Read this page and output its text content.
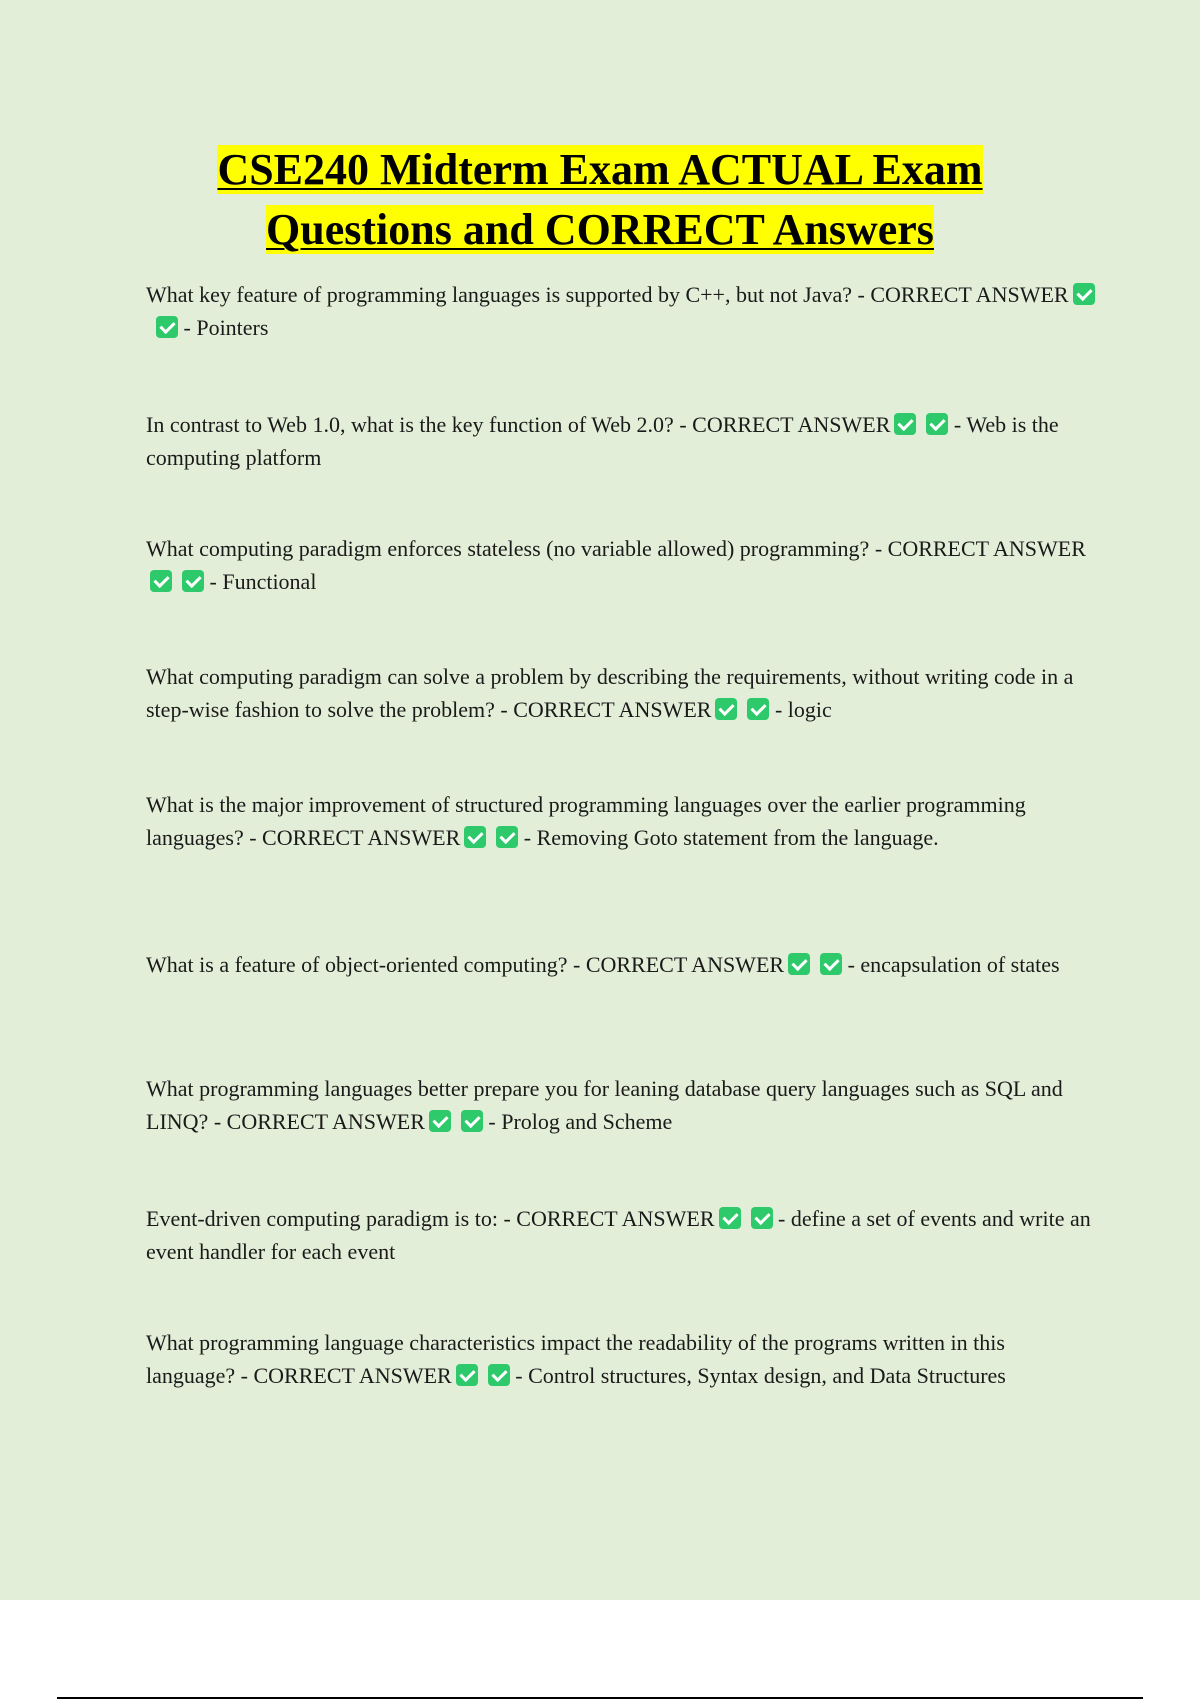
CSE240 Midterm Exam ACTUAL Exam
Questions and CORRECT Answers
What key feature of programming languages is supported by C++, but not Java? - CORRECT ANSWER - Pointers
In contrast to Web 1.0, what is the key function of Web 2.0? - CORRECT ANSWER	- Web is the computing platform
What computing paradigm enforces stateless (no variable allowed) programming? - CORRECT ANSWER - Functional
What computing paradigm can solve a problem by describing the requirements, without writing code in a step-wise fashion to solve the problem? - CORRECT ANSWER	- logic
What is the major improvement of structured programming languages over the earlier programming languages? - CORRECT ANSWER	- Removing Goto statement from the language.
What is a feature of object-oriented computing? - CORRECT ANSWER	- encapsulation of states
What programming languages better prepare you for leaning database query languages such as SQL and LINQ? - CORRECT ANSWER	- Prolog and Scheme
Event-driven computing paradigm is to: - CORRECT ANSWER	- define a set of events and write an event handler for each event
What programming language characteristics impact the readability of the programs written in this language? - CORRECT ANSWER	- Control structures, Syntax design, and Data Structures
